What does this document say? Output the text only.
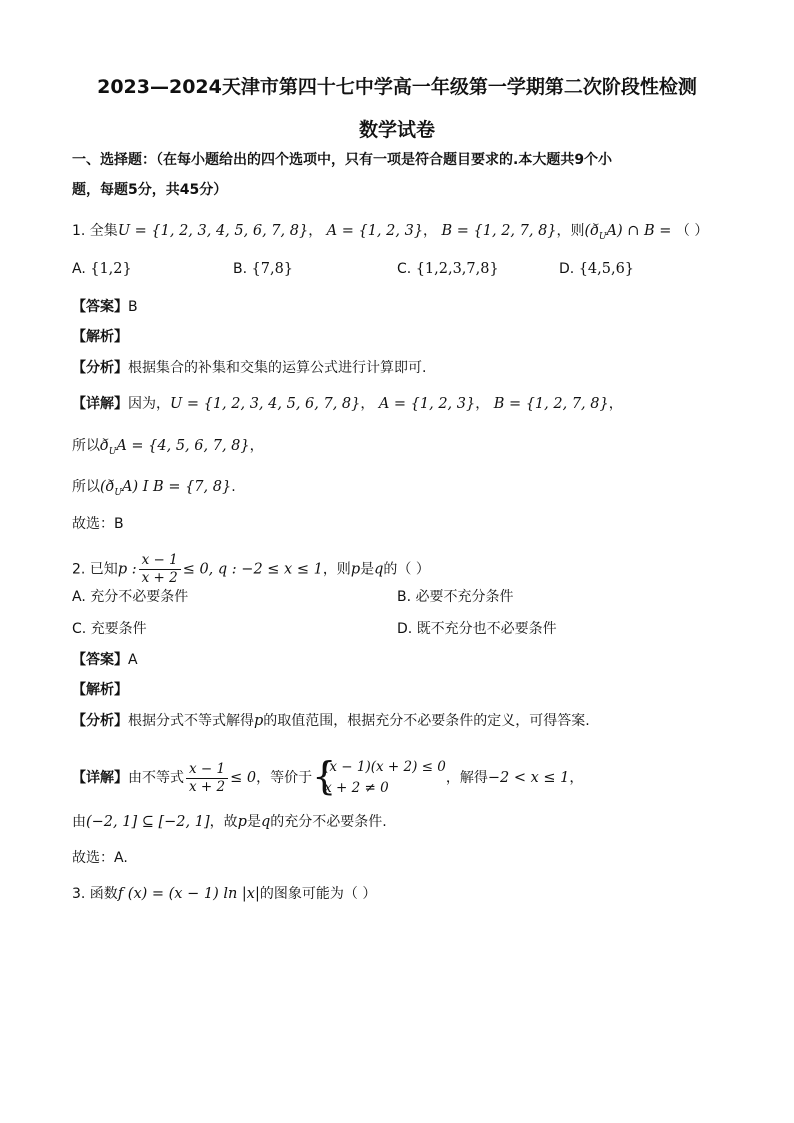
2023—2024天津市第四十七中学高一年级第一学期第二次阶段性检测
数学试卷
一、选择题：（在每小题给出的四个选项中，只有一项是符合题目要求的.本大题共9个小
题，每题5分，共45分）
1. 全集U = {1, 2, 3, 4, 5, 6, 7, 8}， A = {1, 2, 3}， B = {1, 2, 7, 8}，则$(ð_UA)$ ∩ B = （ ）
A. {1,2}	B. {7,8}	C. {1,2,3,7,8}	D. {4,5,6}
【答案】B
【解析】
【分析】根据集合的补集和交集的运算公式进行计算即可.
【详解】因为，U = {1, 2, 3, 4, 5, 6, 7, 8}， A = {1, 2, 3}， B = {1, 2, 7, 8}，
所以$ð_UA = \{4$, 5, 6, 7, 8}，
所以$(ð_UA)$ I B = {7, 8}.
故选：B
2. 已知p : $\frac{x - 1}{x + 2} \le 0$, q : −2 ≤ x ≤ 1，则p是q的（ ）
A. 充分不必要条件	B. 必要不充分条件
C. 充要条件	D. 既不充分也不必要条件
【答案】A
【解析】
【分析】根据分式不等式解得p的取值范围，根据充分不必要条件的定义，可得答案.
【详解】由不等式 $\frac{x - 1}{x + 2} \le 0$，等价于 {
(x − 1)(x + 2) ≤ 0
x + 2 ≠ 0
，解得−2 < x ≤ 1，
由(−2, 1] ⊆ [−2, 1]，故p是q的充分不必要条件.
故选：A.
3. 函数f (x) = (x − 1) ln |x|的图象可能为（ ）
